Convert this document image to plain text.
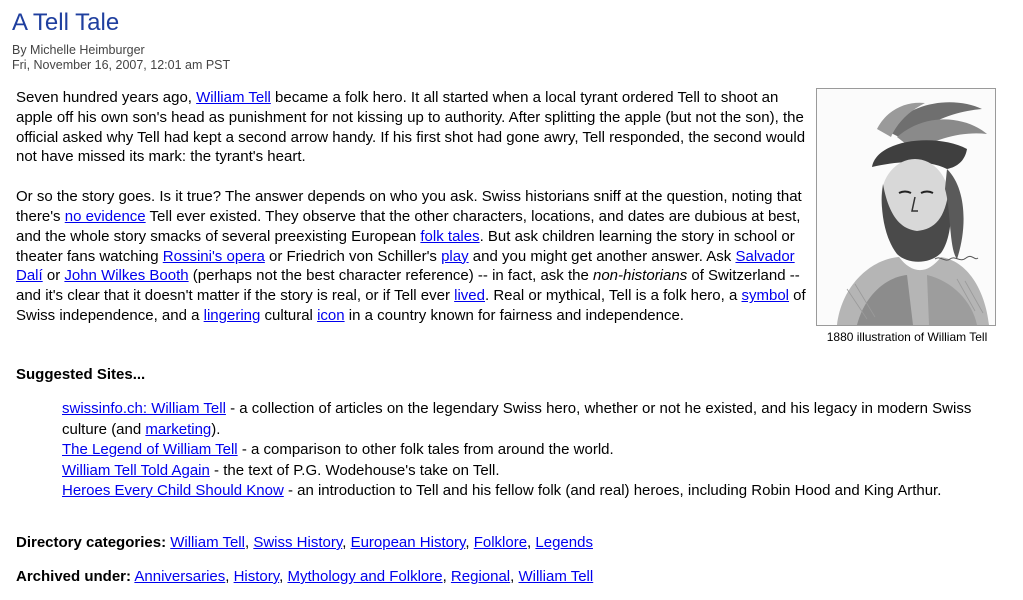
A Tell Tale
By Michelle Heimburger
Fri, November 16, 2007, 12:01 am PST

Seven hundred years ago, William Tell became a folk hero. It all started when a local tyrant ordered Tell to shoot an apple off his own son's head as punishment for not kissing up to authority. After splitting the apple (but not the son), the official asked why Tell had kept a second arrow handy. If his first shot had gone awry, Tell responded, the second would not have missed its mark: the tyrant's heart.

Or so the story goes. Is it true? The answer depends on who you ask. Swiss historians sniff at the question, noting that there's no evidence Tell ever existed. They observe that the other characters, locations, and dates are dubious at best, and the whole story smacks of several preexisting European folk tales. But ask children learning the story in school or theater fans watching Rossini's opera or Friedrich von Schiller's play and you might get another answer. Ask Salvador Dalí or John Wilkes Booth (perhaps not the best character reference) -- in fact, ask the non-historians of Switzerland -- and it's clear that it doesn't matter if the story is real, or if Tell ever lived. Real or mythical, Tell is a folk hero, a symbol of Swiss independence, and a lingering cultural icon in a country known for fairness and independence.

1880 illustration of William Tell
Suggested Sites...
swissinfo.ch: William Tell - a collection of articles on the legendary Swiss hero, whether or not he existed, and his legacy in modern Swiss culture (and marketing).
The Legend of William Tell - a comparison to other folk tales from around the world.
William Tell Told Again - the text of P.G. Wodehouse's take on Tell.
Heroes Every Child Should Know - an introduction to Tell and his fellow folk (and real) heroes, including Robin Hood and King Arthur.
Directory categories: William Tell, Swiss History, European History, Folklore, Legends
Archived under: Anniversaries, History, Mythology and Folklore, Regional, William Tell
